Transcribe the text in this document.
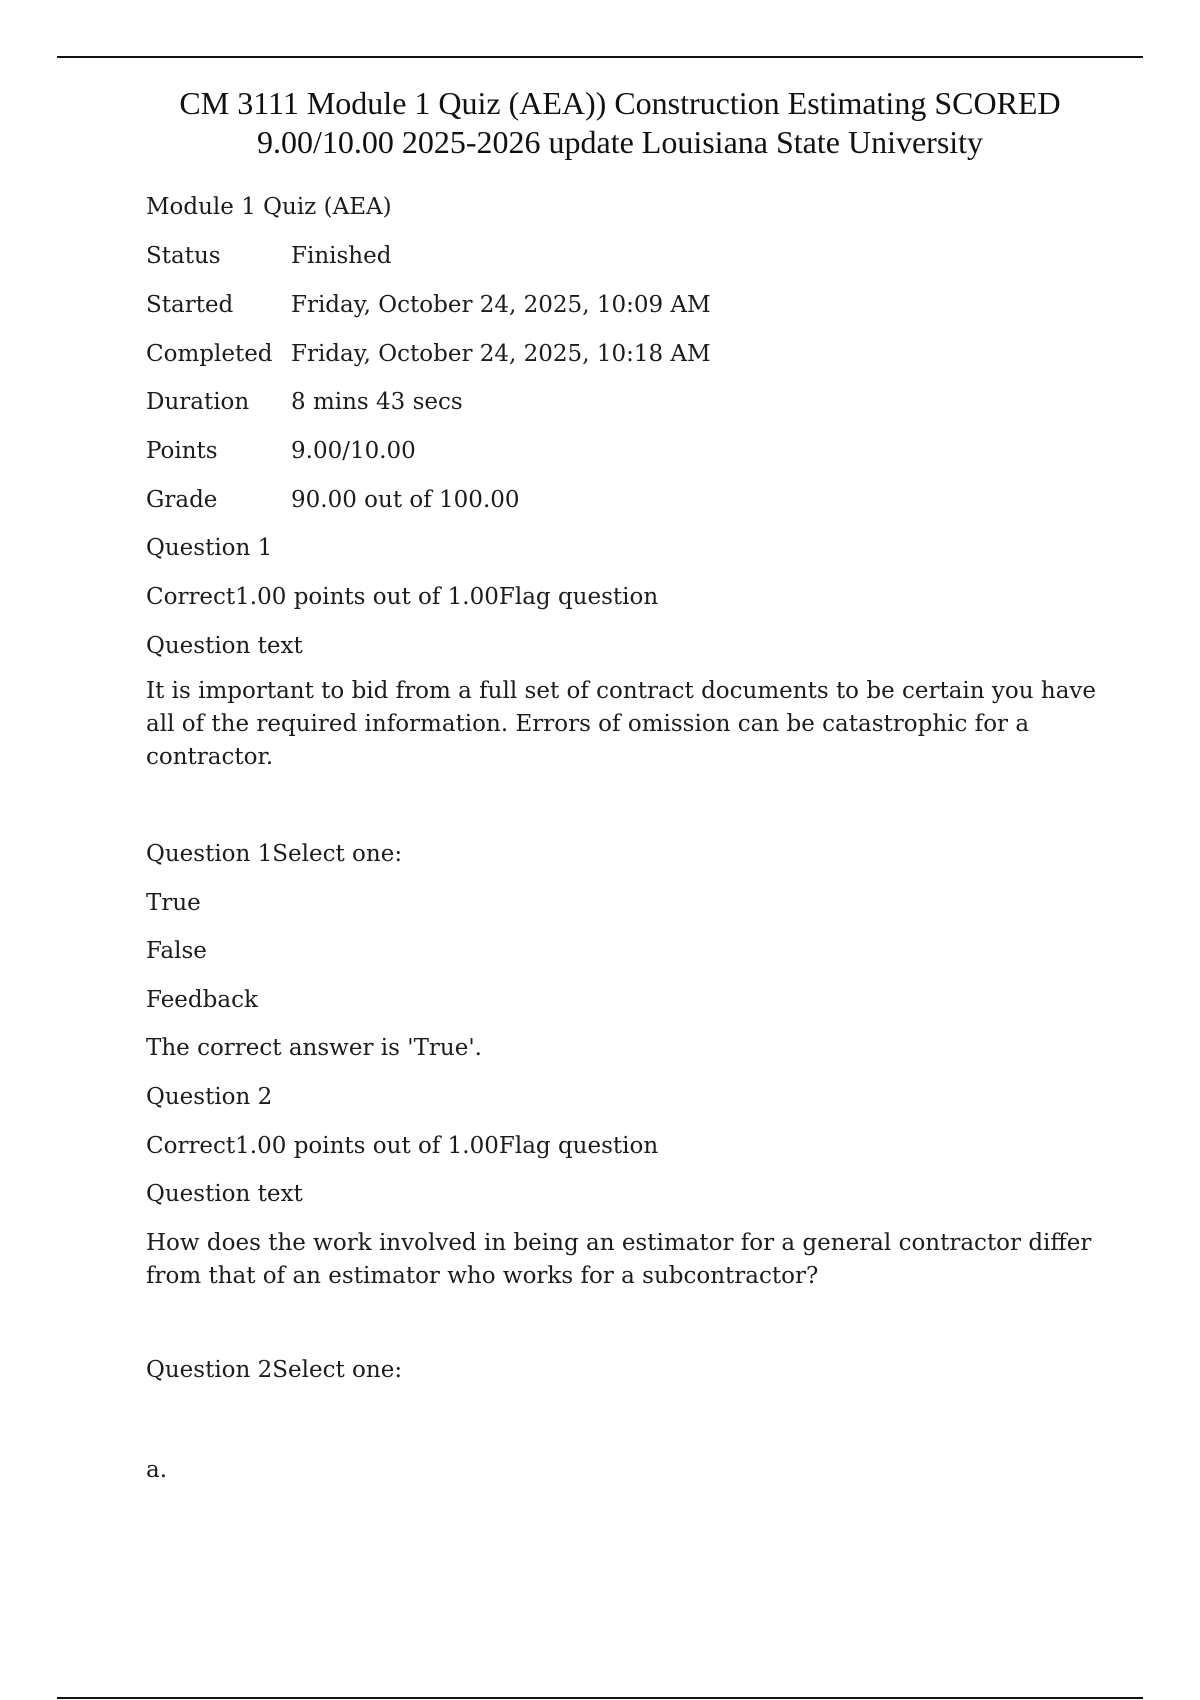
CM 3111 Module 1 Quiz (AEA)) Construction Estimating SCORED
9.00/10.00 2025-2026 update Louisiana State University
Module 1 Quiz (AEA)
Status	Finished
Started	Friday, October 24, 2025, 10:09 AM
Completed Friday, October 24, 2025, 10:18 AM
Duration 8 mins 43 secs
Points	9.00/10.00
Grade	90.00 out of 100.00
Question 1
Correct1.00 points out of 1.00Flag question
Question text
It is important to bid from a full set of contract documents to be certain you have all of the required information. Errors of omission can be catastrophic for a contractor.
Question 1Select one:
True
False
Feedback
The correct answer is 'True'.
Question 2
Correct1.00 points out of 1.00Flag question
Question text
How does the work involved in being an estimator for a general contractor differ from that of an estimator who works for a subcontractor?
Question 2Select one:
a.
